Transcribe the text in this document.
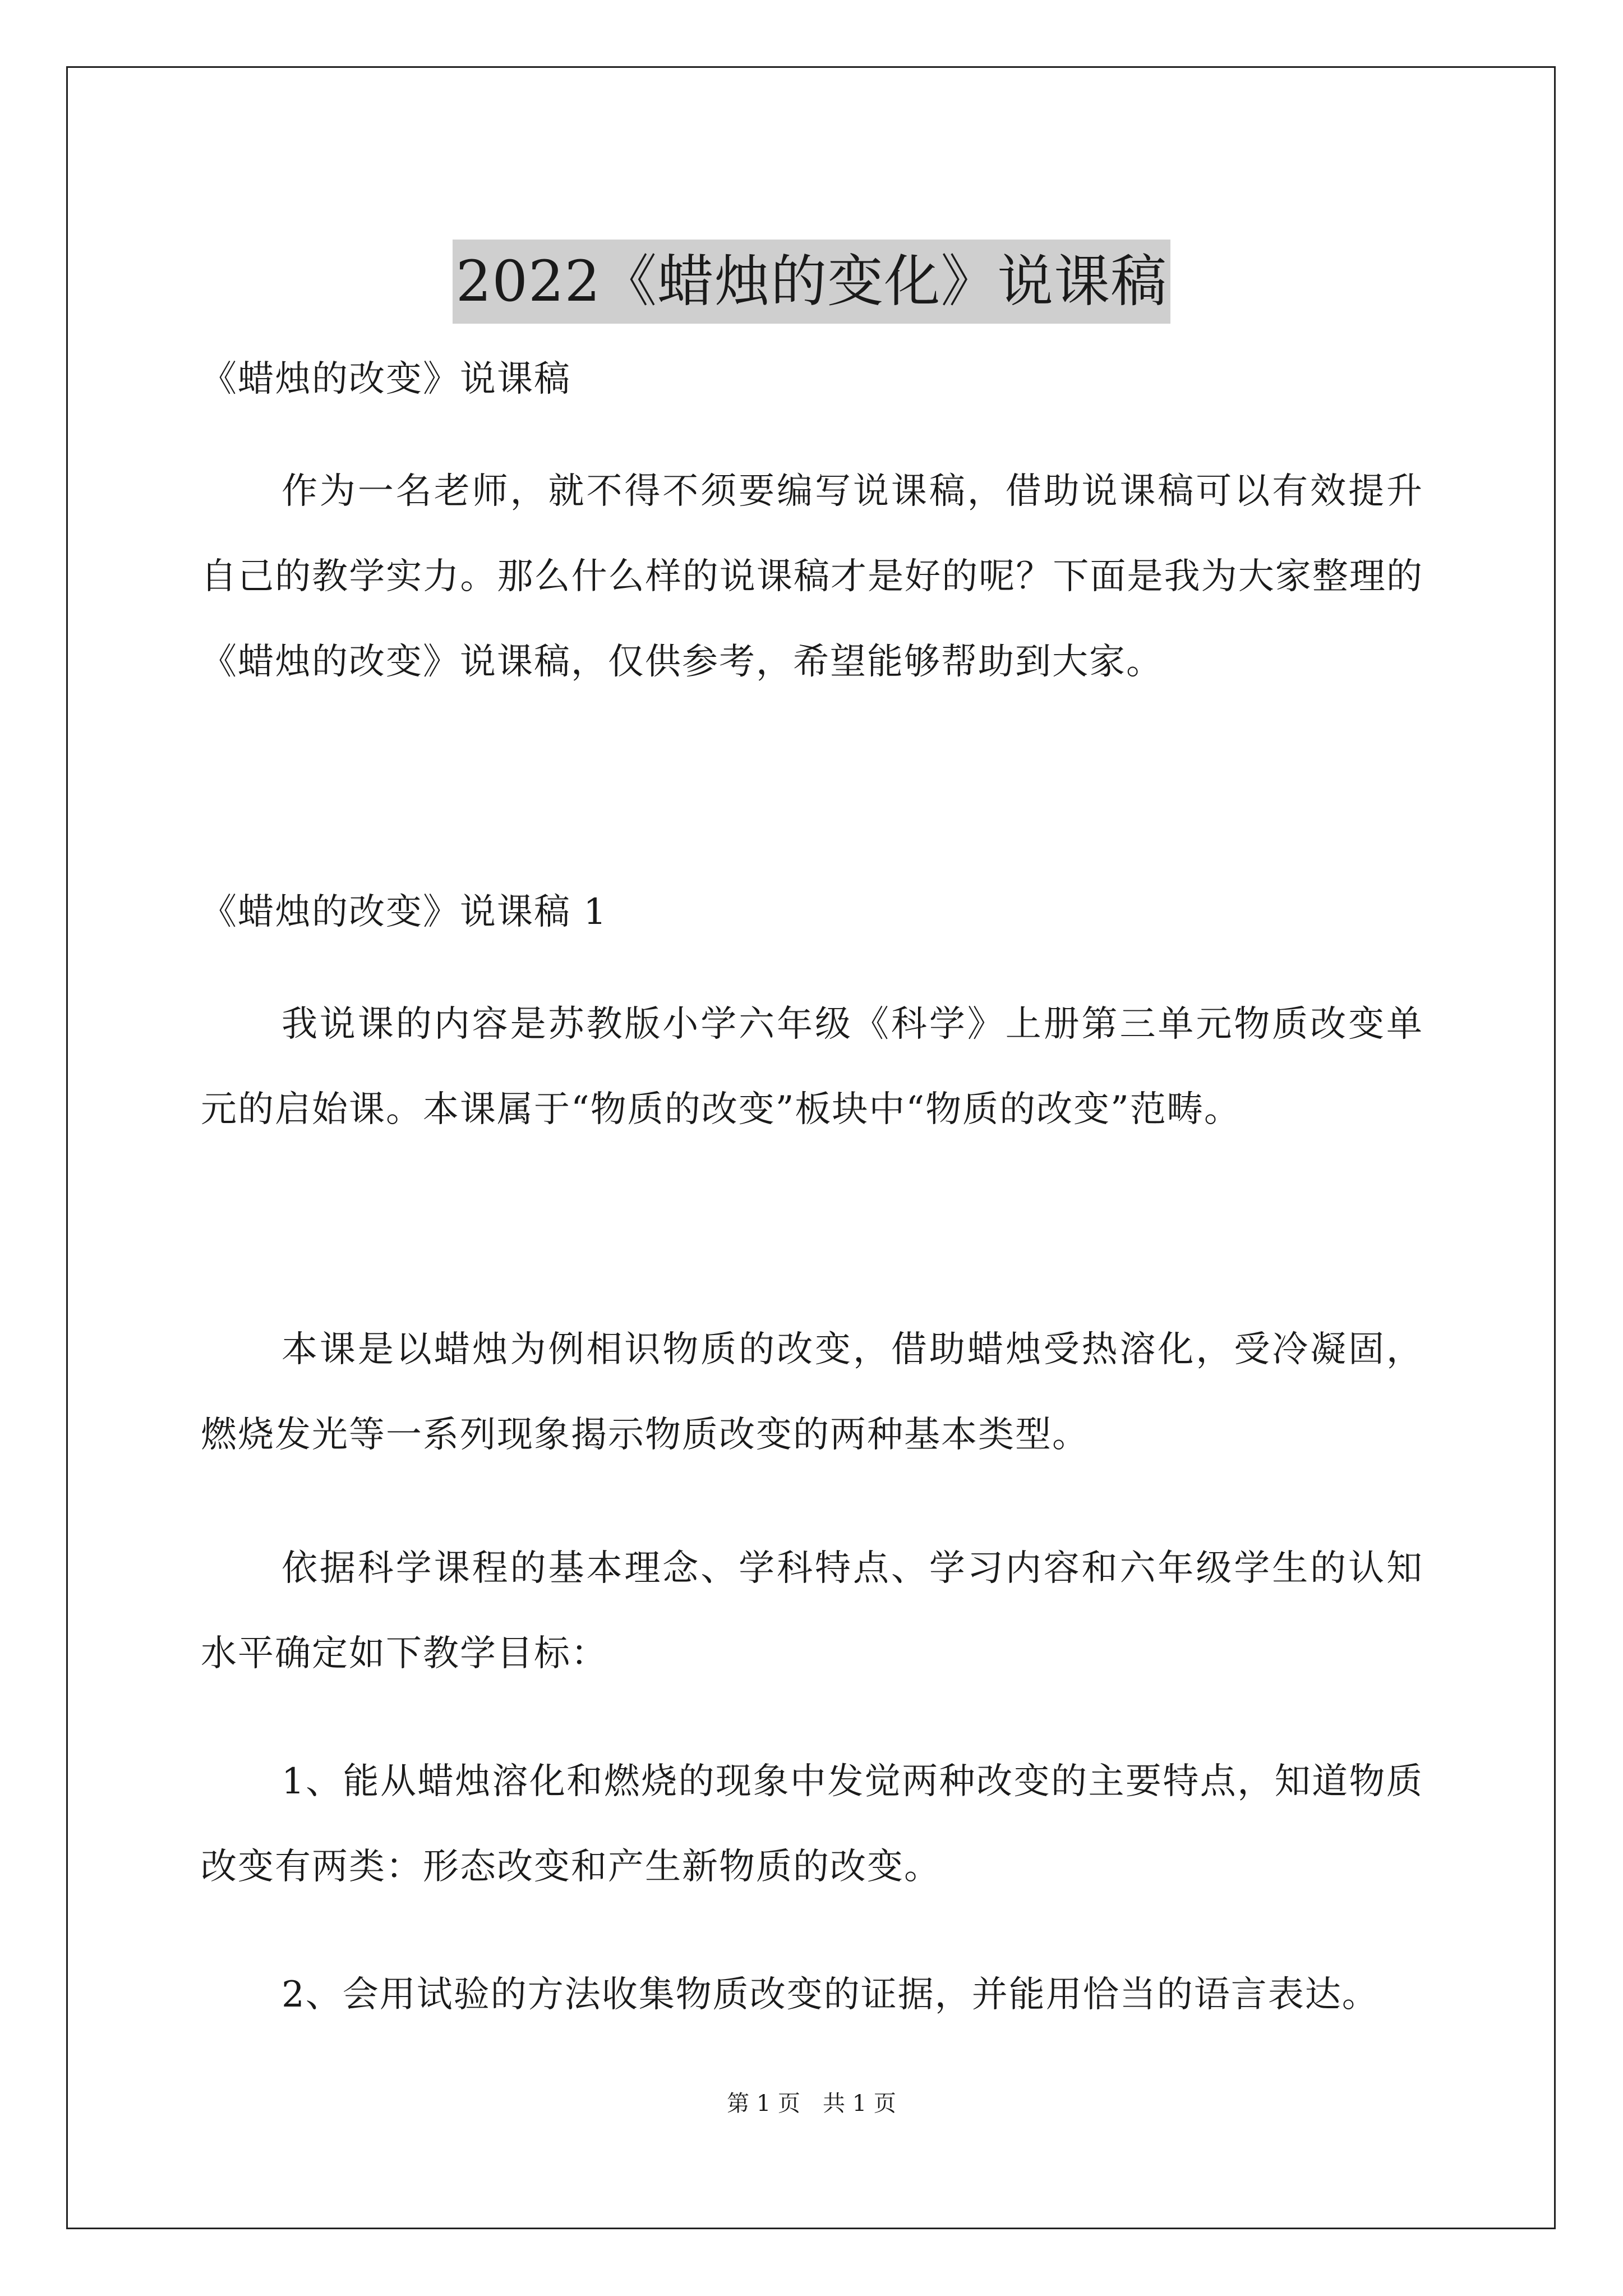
2022《蜡烛的变化》说课稿

《蜡烛的改变》说课稿

作为一名老师，就不得不须要编写说课稿，借助说课稿可以有效提升自己的教学实力。那么什么样的说课稿才是好的呢？下面是我为大家整理的《蜡烛的改变》说课稿，仅供参考，希望能够帮助到大家。

《蜡烛的改变》说课稿 1

我说课的内容是苏教版小学六年级《科学》上册第三单元物质改变单元的启始课。本课属于“物质的改变”板块中“物质的改变”范畴。

本课是以蜡烛为例相识物质的改变，借助蜡烛受热溶化，受冷凝固，燃烧发光等一系列现象揭示物质改变的两种基本类型。

依据科学课程的基本理念、学科特点、学习内容和六年级学生的认知水平确定如下教学目标：

1、能从蜡烛溶化和燃烧的现象中发觉两种改变的主要特点，知道物质改变有两类：形态改变和产生新物质的改变。

2、会用试验的方法收集物质改变的证据，并能用恰当的语言表达。

第 1 页　共 1 页
